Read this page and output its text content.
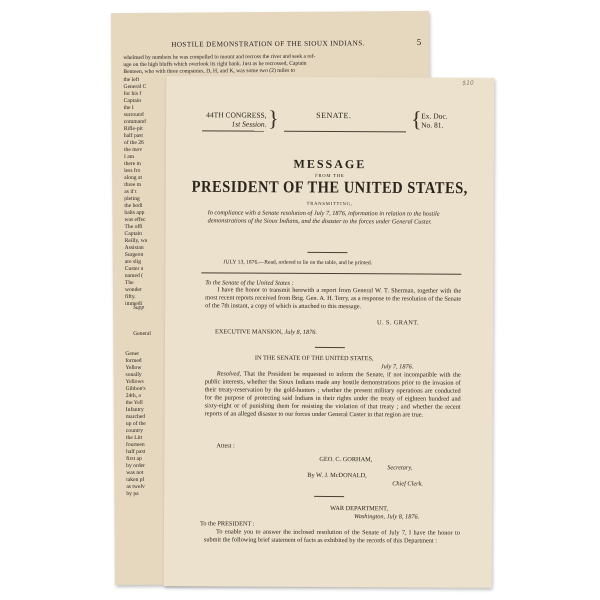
HOSTILE DEMONSTRATION OF THE SIOUX INDIANS.	5
whelmed by numbers he was compelled to mount and recross the river and seek a ref-
uge on the high bluffs which overlook its right bank. Just as he recrossed, Captain
Benteen, who with three companies, D, H, and K, was some two (2) miles to
the left
General C
for his f
Captain
the I
surround
command
Rifle-pit
half past
of the 26
the mov
I am
there m
less fro
along at
three m
as if t
pleting
the bodi
halts app
was effec
The offi
Captain
Reilly, wa
Assistan
Surgeon
are slig
Custer a
named (
The
wonder
fifty.
immedi
Supp
General
Gener
formed
Yellow
sonally
Yellows
Gibbon's
24th, a
the Yell
Infantry
marched
up of the
country
the Litt
fourteen
half past
first ap
by order
was not
taken pl
as twelv
by pa
$10
44TH CONGRESS,
1st Session. }	SENATE.	{ Ex. Doc.
No. 81.
MESSAGE
FROM THE
PRESIDENT OF THE UNITED STATES,
TRANSMITTING,
In compliance with a Senate resolution of July 7, 1876, information in relation to the hostile demonstrations of the Sioux Indians, and the disaster to the forces under General Custer.
JULY 13, 1876.—Read, ordered to lie on the table, and be printed.
To the Senate of the United States :
I have the honor to transmit herewith a report from General W. T. Sherman, together with the most recent reports received from Brig. Gen. A. H. Terry, as a response to the resolution of the Senate of the 7th instant, a copy of which is attached to this message.
U. S. GRANT.
EXECUTIVE MANSION, July 8, 1876.
IN THE SENATE OF THE UNITED STATES,
July 7, 1876.
Resolved, That the President be requested to inform the Senate, if not incompatible with the public interests, whether the Sioux Indians made any hostile demonstrations prior to the invasion of their treaty-reservation by the gold-hunters ; whether the present military operations are conducted for the purpose of protecting said Indians in their rights under the treaty of eighteen hundred and sixty-eight or of punishing them for resisting the violation of that treaty ; and whether the recent reports of an alleged disaster to our forces under General Custer in that region are true.
Attest :
GEO. C. GORHAM,
Secretary,
By W. J. McDONALD,
Chief Clerk.
WAR DEPARTMENT,
Washington, July 8, 1876.
To the PRESIDENT :
To enable you to answer the inclosed resolution of the Senate of July 7, I have the honor to submit the following brief statement of facts as exhibited by the records of this Department :
